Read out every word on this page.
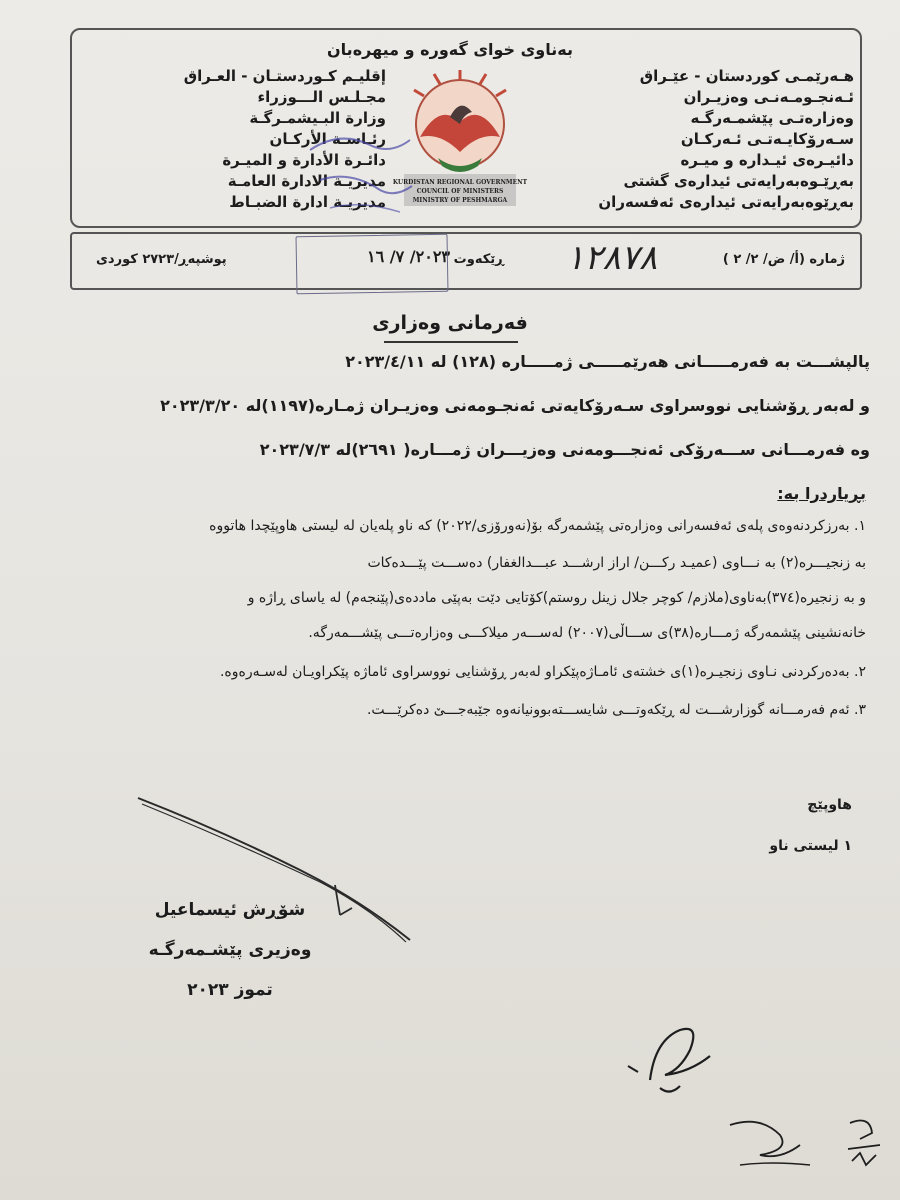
بەناوی خوای گەورە و میهرەبان
هـەرێمـی کوردستان - عێـراق
ئـەنجـومـەنـی وەزیـران
وەزارەتـی پێشمـەرگـە
سـەرۆکایـەتـی ئـەرکـان
دائیـرەی ئیـدارە و میـرە
بەڕێـوەبەرایەتی ئیدارەی گشتی
بەڕێوەبەرایەتی ئیدارەی ئەفسەران
إقليـم كـوردستـان - العـراق
مجـلـس الـــوزراء
وزارة البـيشمـرگـة
رئـاسـة الأركـان
دائـرة الأدارة و الميـرة
مديريـة الادارة العامـة
مديريـة ادارة الضبـاط
KURDISTAN REGIONAL GOVERNMENT
COUNCIL OF MINISTERS
MINISTRY OF PESHMARGA
ژمارە (أ/ ض/ ٢/ ٢ )
١٢٨٧٨
ڕێکەوت
٢٠٢٣/ ٧/ ١٦
پوشپەڕ/٢٧٢٣ کوردی
فەرمانی وەزاری
پالپشـــت بە فەرمـــــانی هەرێمـــــی ژمـــــارە (١٢٨) لە ٢٠٢٣/٤/١١
و لەبەر ڕۆشنایی نووسراوی سـەرۆکایەتی ئەنجـومەنی وەزیـران ژمـارە(١١٩٧)لە ٢٠٢٣/٣/٢٠
وە فەرمـــانی ســـەرۆکی ئەنجـــومەنی وەزیـــران ژمـــارە( ٢٦٩١)لە ٢٠٢٣/٧/٣
بڕیاردرا بە:
١. بەرزکردنەوەی پلەی ئەفسەرانی وەزارەتی پێشمەرگە بۆ(نەورۆزی/٢٠٢٢) کە ناو پلەیان لە لیستی هاوپێچدا هاتووە
بە زنجیـــرە(٢) بە نـــاوی (عمیـد ركـــن/ اراز ارشـــد عبـــدالغفار) دەســـت پێـــدەكات
و بە زنجیرە(٣٧٤)بەناوی(ملازم/ كوچر جلال زينل روستم)کۆتایی دێت بەپێی ماددەی(پێنجەم) لە یاسای ڕاژە و
خانەنشینی پێشمەرگە ژمـــارە(٣٨)ی ســـاڵی(٢٠٠٧) لەســـەر میلاکـــی وەزارەتـــی پێشـــمەرگە.
٢. بەدەرکردنی نـاوی زنجیـرە(١)ی خشتەی ئامـاژەپێکراو لەبەر ڕۆشنایی نووسراوی ئاماژە پێکراویـان لەسـەرەوە.
٣. ئەم فەرمـــانە گوزارشـــت لە ڕێکەوتـــی شایســـتەبوونیانەوە جێبەجـــێ دەکرێـــت.
هاوپێچ
١ لیستی ناو
شۆڕش ئیسماعیل
وەزیری پێشـمەرگـە
تموز ٢٠٢٣
